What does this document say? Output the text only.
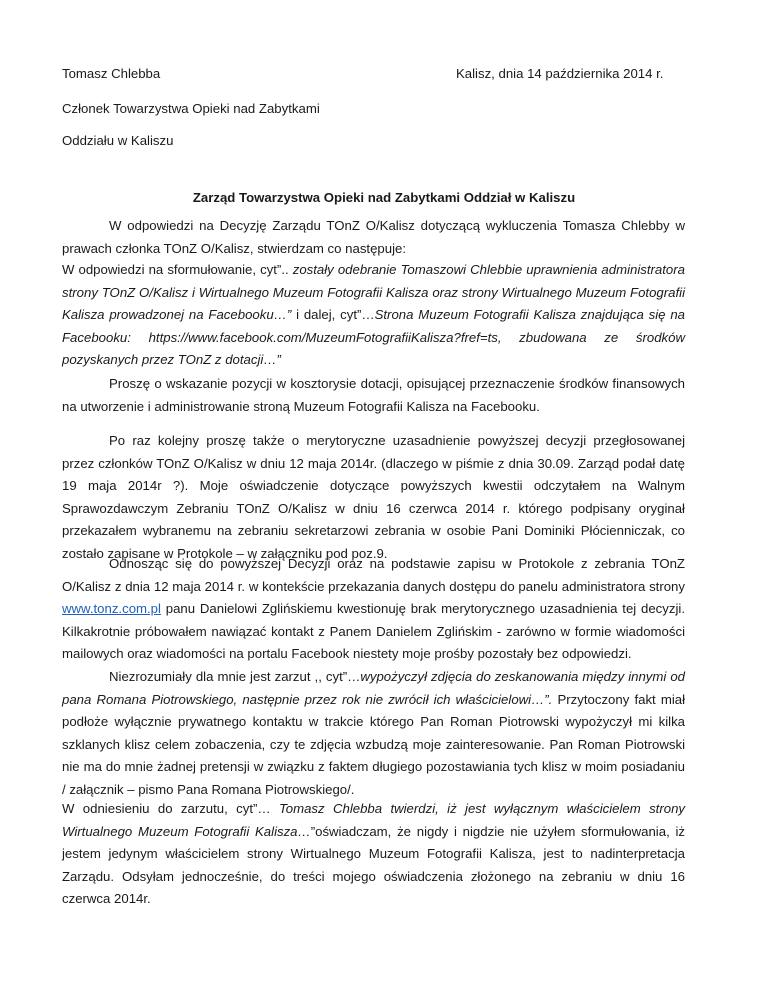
Tomasz Chlebba	Kalisz, dnia 14 października 2014 r.
Członek Towarzystwa Opieki nad Zabytkami
Oddziału w Kaliszu
Zarząd Towarzystwa Opieki nad Zabytkami Oddział w Kaliszu
W odpowiedzi na Decyzję Zarządu TOnZ O/Kalisz dotyczącą wykluczenia Tomasza Chlebby w prawach członka TOnZ O/Kalisz, stwierdzam co następuje:
W odpowiedzi na sformułowanie, cyt”.. zostały odebranie Tomaszowi Chlebbie uprawnienia administratora strony TOnZ O/Kalisz i Wirtualnego Muzeum Fotografii Kalisza oraz strony Wirtualnego Muzeum Fotografii Kalisza prowadzonej na Facebooku…” i dalej, cyt”…Strona Muzeum Fotografii Kalisza znajdująca się na Facebooku: https://www.facebook.com/MuzeumFotografiiKalisza?fref=ts, zbudowana ze środków pozyskanych przez TOnZ z dotacji…”
Proszę o wskazanie pozycji w kosztorysie dotacji, opisującej przeznaczenie środków finansowych na utworzenie i administrowanie stroną Muzeum Fotografii Kalisza na Facebooku.
Po raz kolejny proszę także o merytoryczne uzasadnienie powyższej decyzji przegłosowanej przez członków TOnZ O/Kalisz w dniu 12 maja 2014r. (dlaczego w piśmie z dnia 30.09. Zarząd podał datę 19 maja 2014r ?). Moje oświadczenie dotyczące powyższych kwestii odczytałem na Walnym Sprawozdawczym Zebraniu TOnZ O/Kalisz w dniu 16 czerwca 2014 r. którego podpisany oryginał przekazałem wybranemu na zebraniu sekretarzowi zebrania w osobie Pani Dominiki Płócienniczak, co zostało zapisane w Protokole – w załączniku pod poz.9.
Odnosząc się do powyższej Decyzji oraz na podstawie zapisu w Protokole z zebrania TOnZ O/Kalisz z dnia 12 maja 2014 r. w kontekście przekazania danych dostępu do panelu administratora strony www.tonz.com.pl panu Danielowi Zglińskiemu kwestionuję brak merytorycznego uzasadnienia tej decyzji. Kilkakrotnie próbowałem nawiązać kontakt z Panem Danielem Zglińskim - zarówno w formie wiadomości mailowych oraz wiadomości na portalu Facebook niestety moje prośby pozostały bez odpowiedzi.
Niezrozumiały dla mnie jest zarzut ,, cyt”…wypożyczył zdjęcia do zeskanowania między innymi od pana Romana Piotrowskiego, następnie przez rok nie zwrócił ich właścicielowi…”. Przytoczony fakt miał podłoże wyłącznie prywatnego kontaktu w trakcie którego Pan Roman Piotrowski wypożyczył mi kilka szklanych klisz celem zobaczenia, czy te zdjęcia wzbudzą moje zainteresowanie. Pan Roman Piotrowski nie ma do mnie żadnej pretensji w związku z faktem długiego pozostawiania tych klisz w moim posiadaniu / załącznik – pismo Pana Romana Piotrowskiego/.
W odniesieniu do zarzutu, cyt”… Tomasz Chlebba twierdzi, iż jest wyłącznym właścicielem strony Wirtualnego Muzeum Fotografii Kalisza…”oświadczam, że nigdy i nigdzie nie użyłem sformułowania, iż jestem jedynym właścicielem strony Wirtualnego Muzeum Fotografii Kalisza, jest to nadinterpretacja Zarządu. Odsyłam jednocześnie, do treści mojego oświadczenia złożonego na zebraniu w dniu 16 czerwca 2014r.
